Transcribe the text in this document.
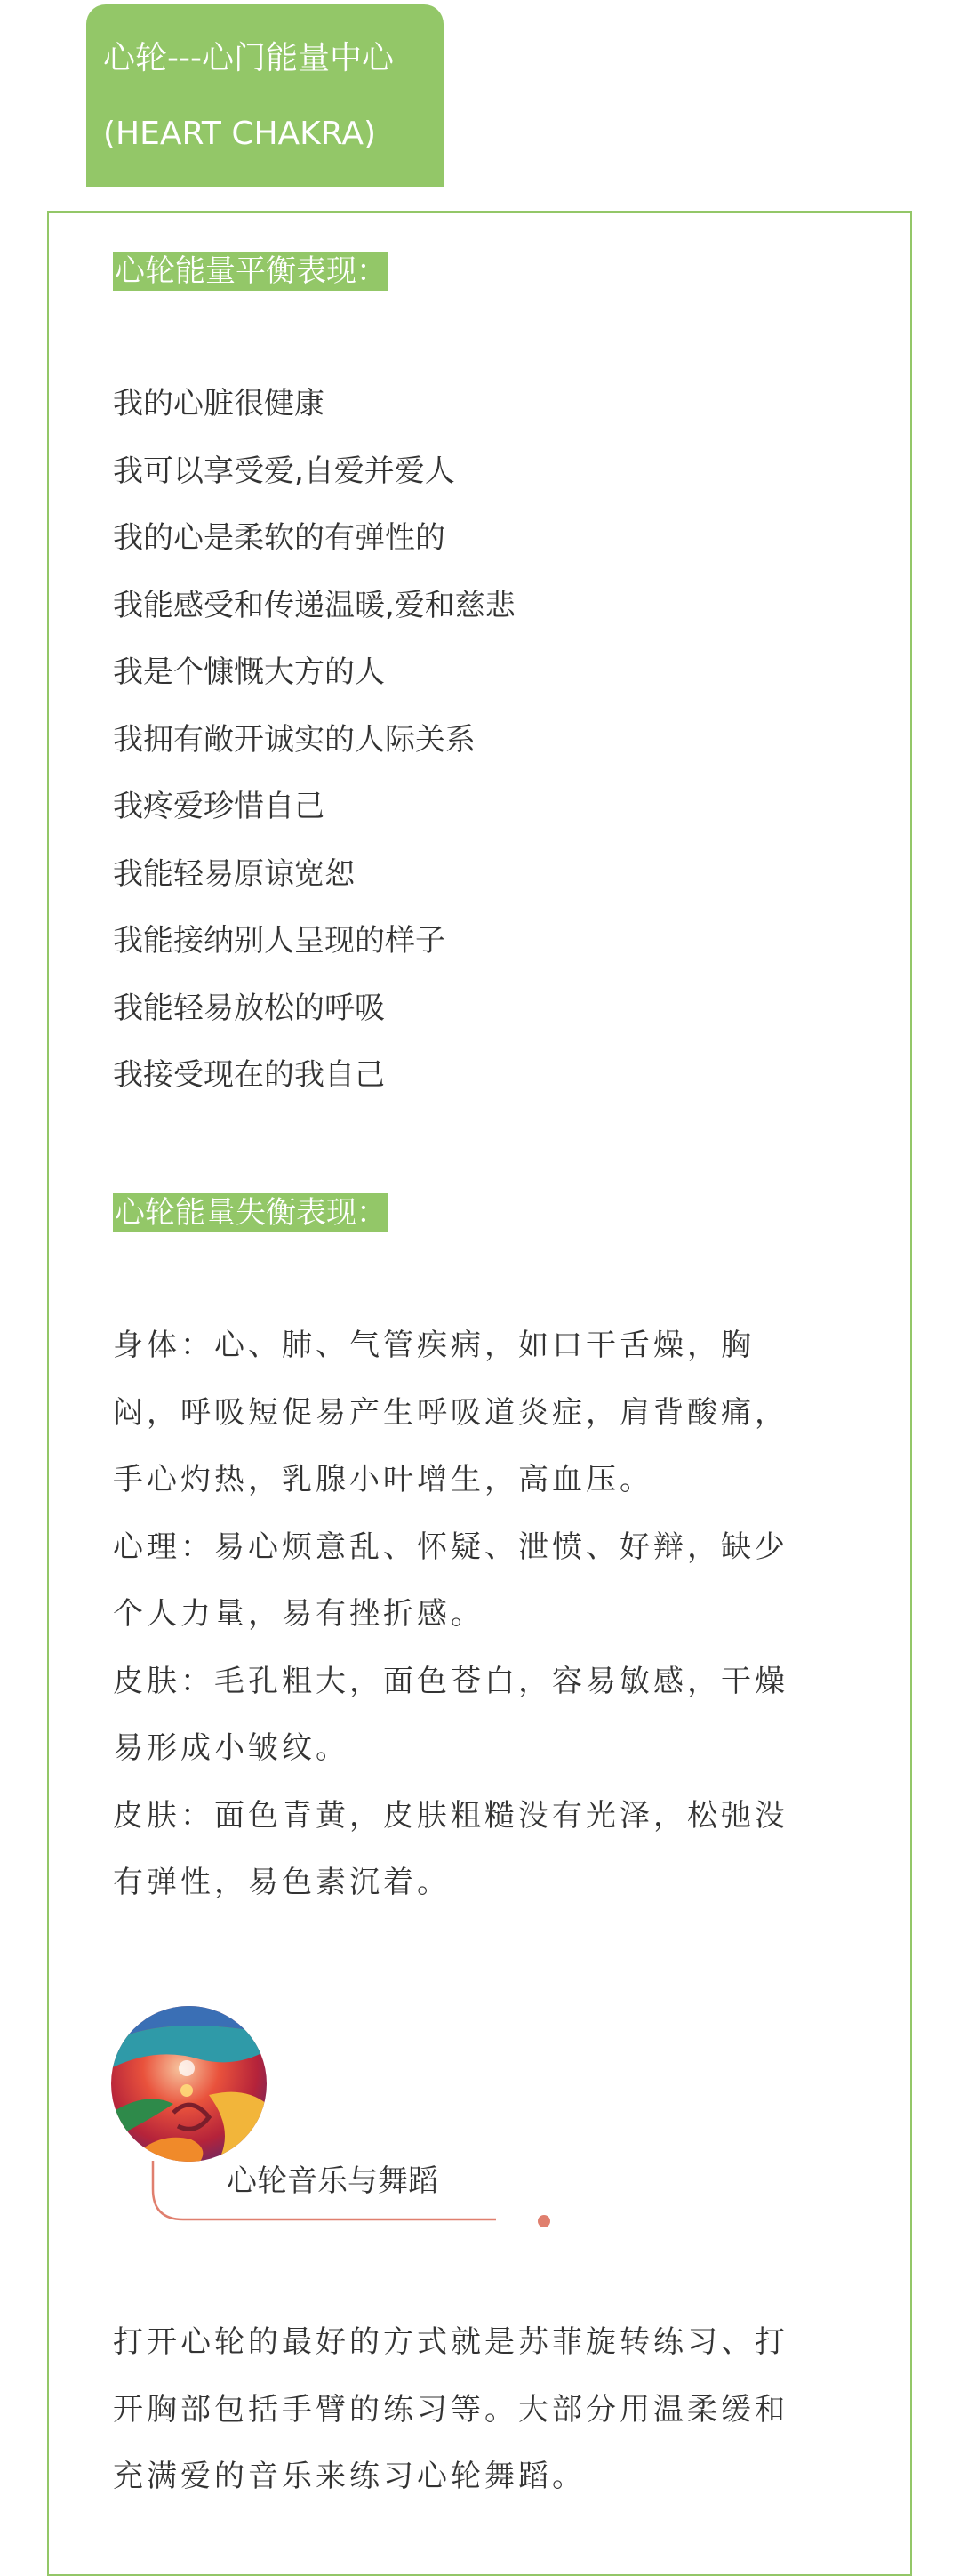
心轮---心门能量中心
(HEART CHAKRA)
心轮能量平衡表现：
我的心脏很健康
我可以享受爱,自爱并爱人
我的心是柔软的有弹性的
我能感受和传递温暖,爱和慈悲
我是个慷慨大方的人
我拥有敞开诚实的人际关系
我疼爱珍惜自己
我能轻易原谅宽恕
我能接纳别人呈现的样子
我能轻易放松的呼吸
我接受现在的我自己
心轮能量失衡表现：
身体：心、肺、气管疾病，如口干舌燥，胸
闷，呼吸短促易产生呼吸道炎症，肩背酸痛，
手心灼热，乳腺小叶增生，高血压。
心理：易心烦意乱、怀疑、泄愤、好辩，缺少
个人力量，易有挫折感。
皮肤：毛孔粗大，面色苍白，容易敏感，干燥
易形成小皱纹。
皮肤：面色青黄，皮肤粗糙没有光泽，松弛没
有弹性，易色素沉着。
心轮音乐与舞蹈
打开心轮的最好的方式就是苏菲旋转练习、打
开胸部包括手臂的练习等。大部分用温柔缓和
充满爱的音乐来练习心轮舞蹈。
